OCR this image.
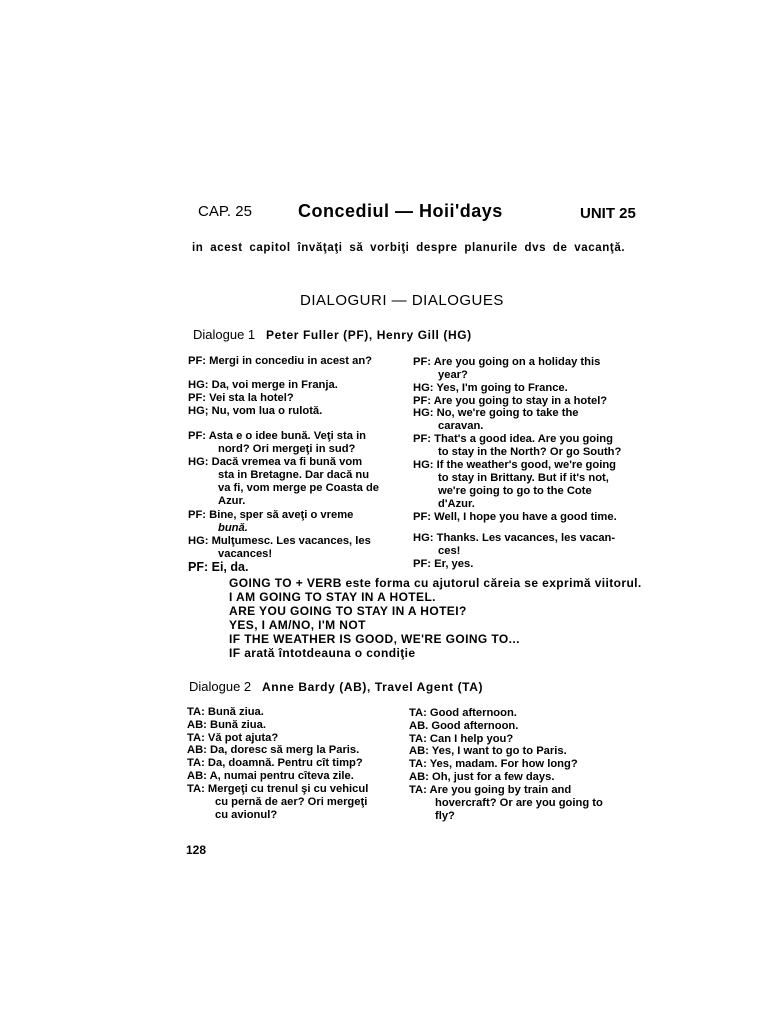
CAP. 25	Concediul — Hoii'days	UNIT 25
in acest capitol învăţaţi să vorbiţi despre planurile dvs de vacanţă.
DIALOGURI — DIALOGUES
Dialogue 1 Peter Fuller (PF), Henry Gill (HG)
PF: Mergi in concediu in acest an?
HG: Da, voi merge in Franja.
PF: Vei sta la hotel?
HG; Nu, vom lua o rulotă.
PF: Asta e o idee bună. Veţi sta in
nord? Ori mergeţi in sud?
HG: Dacă vremea va fi bună vom
sta in Bretagne. Dar dacă nu
va fi, vom merge pe Coasta de
Azur.
PF: Bine, sper să aveţi o vreme
bună.
HG: Mulţumesc. Les vacances, les
vacances!
PF: Ei, da.
PF: Are you going on a holiday this
year?
HG: Yes, I'm going to France.
PF: Are you going to stay in a hotel?
HG: No, we're going to take the
caravan.
PF: That's a good idea. Are you going
to stay in the North? Or go South?
HG: If the weather's good, we're going
to stay in Brittany. But if it's not,
we're going to go to the Cote
d'Azur.
PF: Well, I hope you have a good time.
HG: Thanks. Les vacances, les vacan-
ces!
PF: Er, yes.
GOING TO + VERB este forma cu ajutorul căreia se exprimă viitorul.
I AM GOING TO STAY IN A HOTEL.
ARE YOU GOING TO STAY IN A HOTEI?
YES, I AM/NO, I'M NOT
IF THE WEATHER IS GOOD, WE'RE GOING TO...
IF arată întotdeauna o condiţie
Dialogue 2 Anne Bardy (AB), Travel Agent (TA)
TA: Bună ziua.
AB: Bună ziua.
TA: Vă pot ajuta?
AB: Da, doresc să merg la Paris.
TA: Da, doamnă. Pentru cît timp?
AB: A, numai pentru cîteva zile.
TA: Mergeţi cu trenul şi cu vehicul
cu pernă de aer? Ori mergeţi
cu avionul?
TA: Good afternoon.
AB. Good afternoon.
TA: Can I help you?
AB: Yes, I want to go to Paris.
TA: Yes, madam. For how long?
AB: Oh, just for a few days.
TA: Are you going by train and
hovercraft? Or are you going to
fly?
128
